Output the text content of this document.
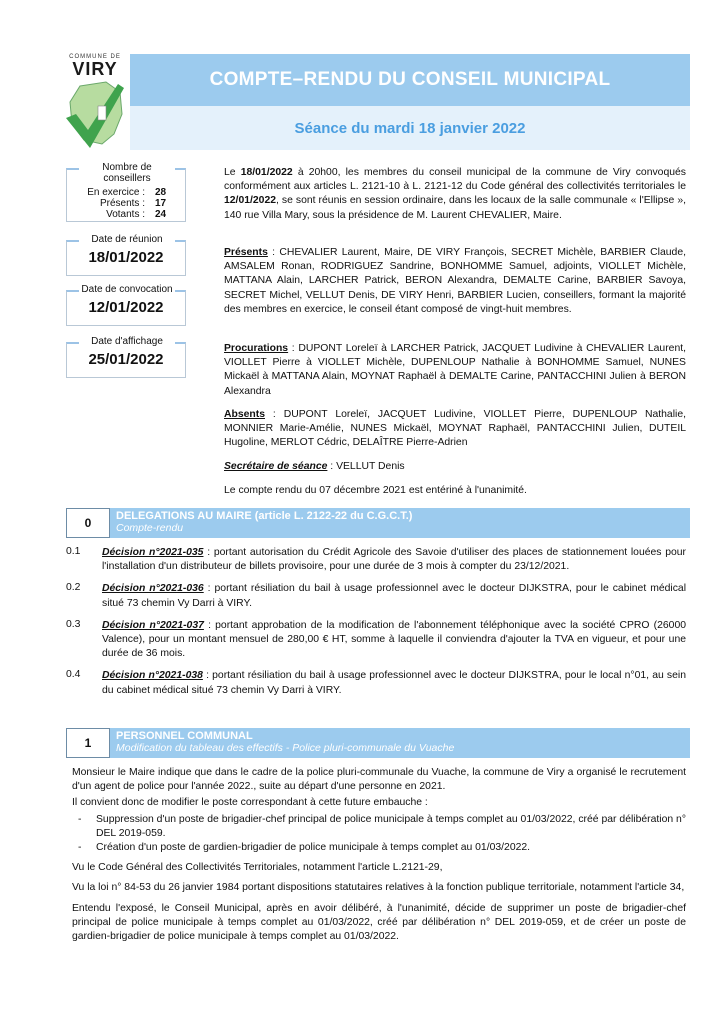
COMMUNE DE
VIRY	COMPTE–RENDU DU CONSEIL MUNICIPAL
Séance du mardi 18 janvier 2022
Nombre de conseillers
En exercice :	28
Présents :	17
Votants :	24
Date de réunion
18/01/2022
Date de convocation
12/01/2022
Date d'affichage
25/01/2022
Le 18/01/2022 à 20h00, les membres du conseil municipal de la commune de Viry convoqués conformément aux articles L. 2121-10 à L. 2121-12 du Code général des collectivités territoriales le 12/01/2022, se sont réunis en session ordinaire, dans les locaux de la salle communale « l'Ellipse », 140 rue Villa Mary, sous la présidence de M. Laurent CHEVALIER, Maire.
Présents : CHEVALIER Laurent, Maire, DE VIRY François, SECRET Michèle, BARBIER Claude, AMSALEM Ronan, RODRIGUEZ Sandrine, BONHOMME Samuel, adjoints, VIOLLET Michèle, MATTANA Alain, LARCHER Patrick, BERON Alexandra, DEMALTE Carine, BARBIER Savoya, SECRET Michel, VELLUT Denis, DE VIRY Henri, BARBIER Lucien, conseillers, formant la majorité des membres en exercice, le conseil étant composé de vingt-huit membres.
Procurations : DUPONT Loreleï à LARCHER Patrick, JACQUET Ludivine à CHEVALIER Laurent, VIOLLET Pierre à VIOLLET Michèle, DUPENLOUP Nathalie à BONHOMME Samuel, NUNES Mickaël à MATTANA Alain, MOYNAT Raphaël à DEMALTE Carine, PANTACCHINI Julien à BERON Alexandra
Absents : DUPONT Loreleï, JACQUET Ludivine, VIOLLET Pierre, DUPENLOUP Nathalie, MONNIER Marie-Amélie, NUNES Mickaël, MOYNAT Raphaël, PANTACCHINI Julien, DUTEIL Hugoline, MERLOT Cédric, DELAÎTRE Pierre-Adrien
Secrétaire de séance : VELLUT Denis
Le compte rendu du 07 décembre 2021 est entériné à l'unanimité.
DELEGATIONS AU MAIRE (article L. 2122-22 du C.G.C.T.)
Compte-rendu
0
0.1	Décision n°2021-035 : portant autorisation du Crédit Agricole des Savoie d'utiliser des places de stationnement louées pour l'installation d'un distributeur de billets provisoire, pour une durée de 3 mois à compter du 23/12/2021.
0.2	Décision n°2021-036 : portant résiliation du bail à usage professionnel avec le docteur DIJKSTRA, pour le cabinet médical situé 73 chemin Vy Darri à VIRY.
0.3	Décision n°2021-037 : portant approbation de la modification de l'abonnement téléphonique avec la société CPRO (26000 Valence), pour un montant mensuel de 280,00 € HT, somme à laquelle il conviendra d'ajouter la TVA en vigueur, et pour une durée de 36 mois.
0.4	Décision n°2021-038 : portant résiliation du bail à usage professionnel avec le docteur DIJKSTRA, pour le local n°01, au sein du cabinet médical situé 73 chemin Vy Darri à VIRY.
PERSONNEL COMMUNAL
Modification du tableau des effectifs - Police pluri-communale du Vuache
1
Monsieur le Maire indique que dans le cadre de la police pluri-communale du Vuache, la commune de Viry a organisé le recrutement d'un agent de police pour l'année 2022., suite au départ d'une personne en 2021.
Il convient donc de modifier le poste correspondant à cette future embauche :
-	Suppression d'un poste de brigadier-chef principal de police municipale à temps complet au 01/03/2022, créé par délibération n° DEL 2019-059.
-	Création d'un poste de gardien-brigadier de police municipale à temps complet au 01/03/2022.
Vu le Code Général des Collectivités Territoriales, notamment l'article L.2121-29,
Vu la loi n° 84-53 du 26 janvier 1984 portant dispositions statutaires relatives à la fonction publique territoriale, notamment l'article 34,
Entendu l'exposé, le Conseil Municipal, après en avoir délibéré, à l'unanimité, décide de supprimer un poste de brigadier-chef principal de police municipale à temps complet au 01/03/2022, créé par délibération n° DEL 2019-059, et de créer un poste de gardien-brigadier de police municipale à temps complet au 01/03/2022.
